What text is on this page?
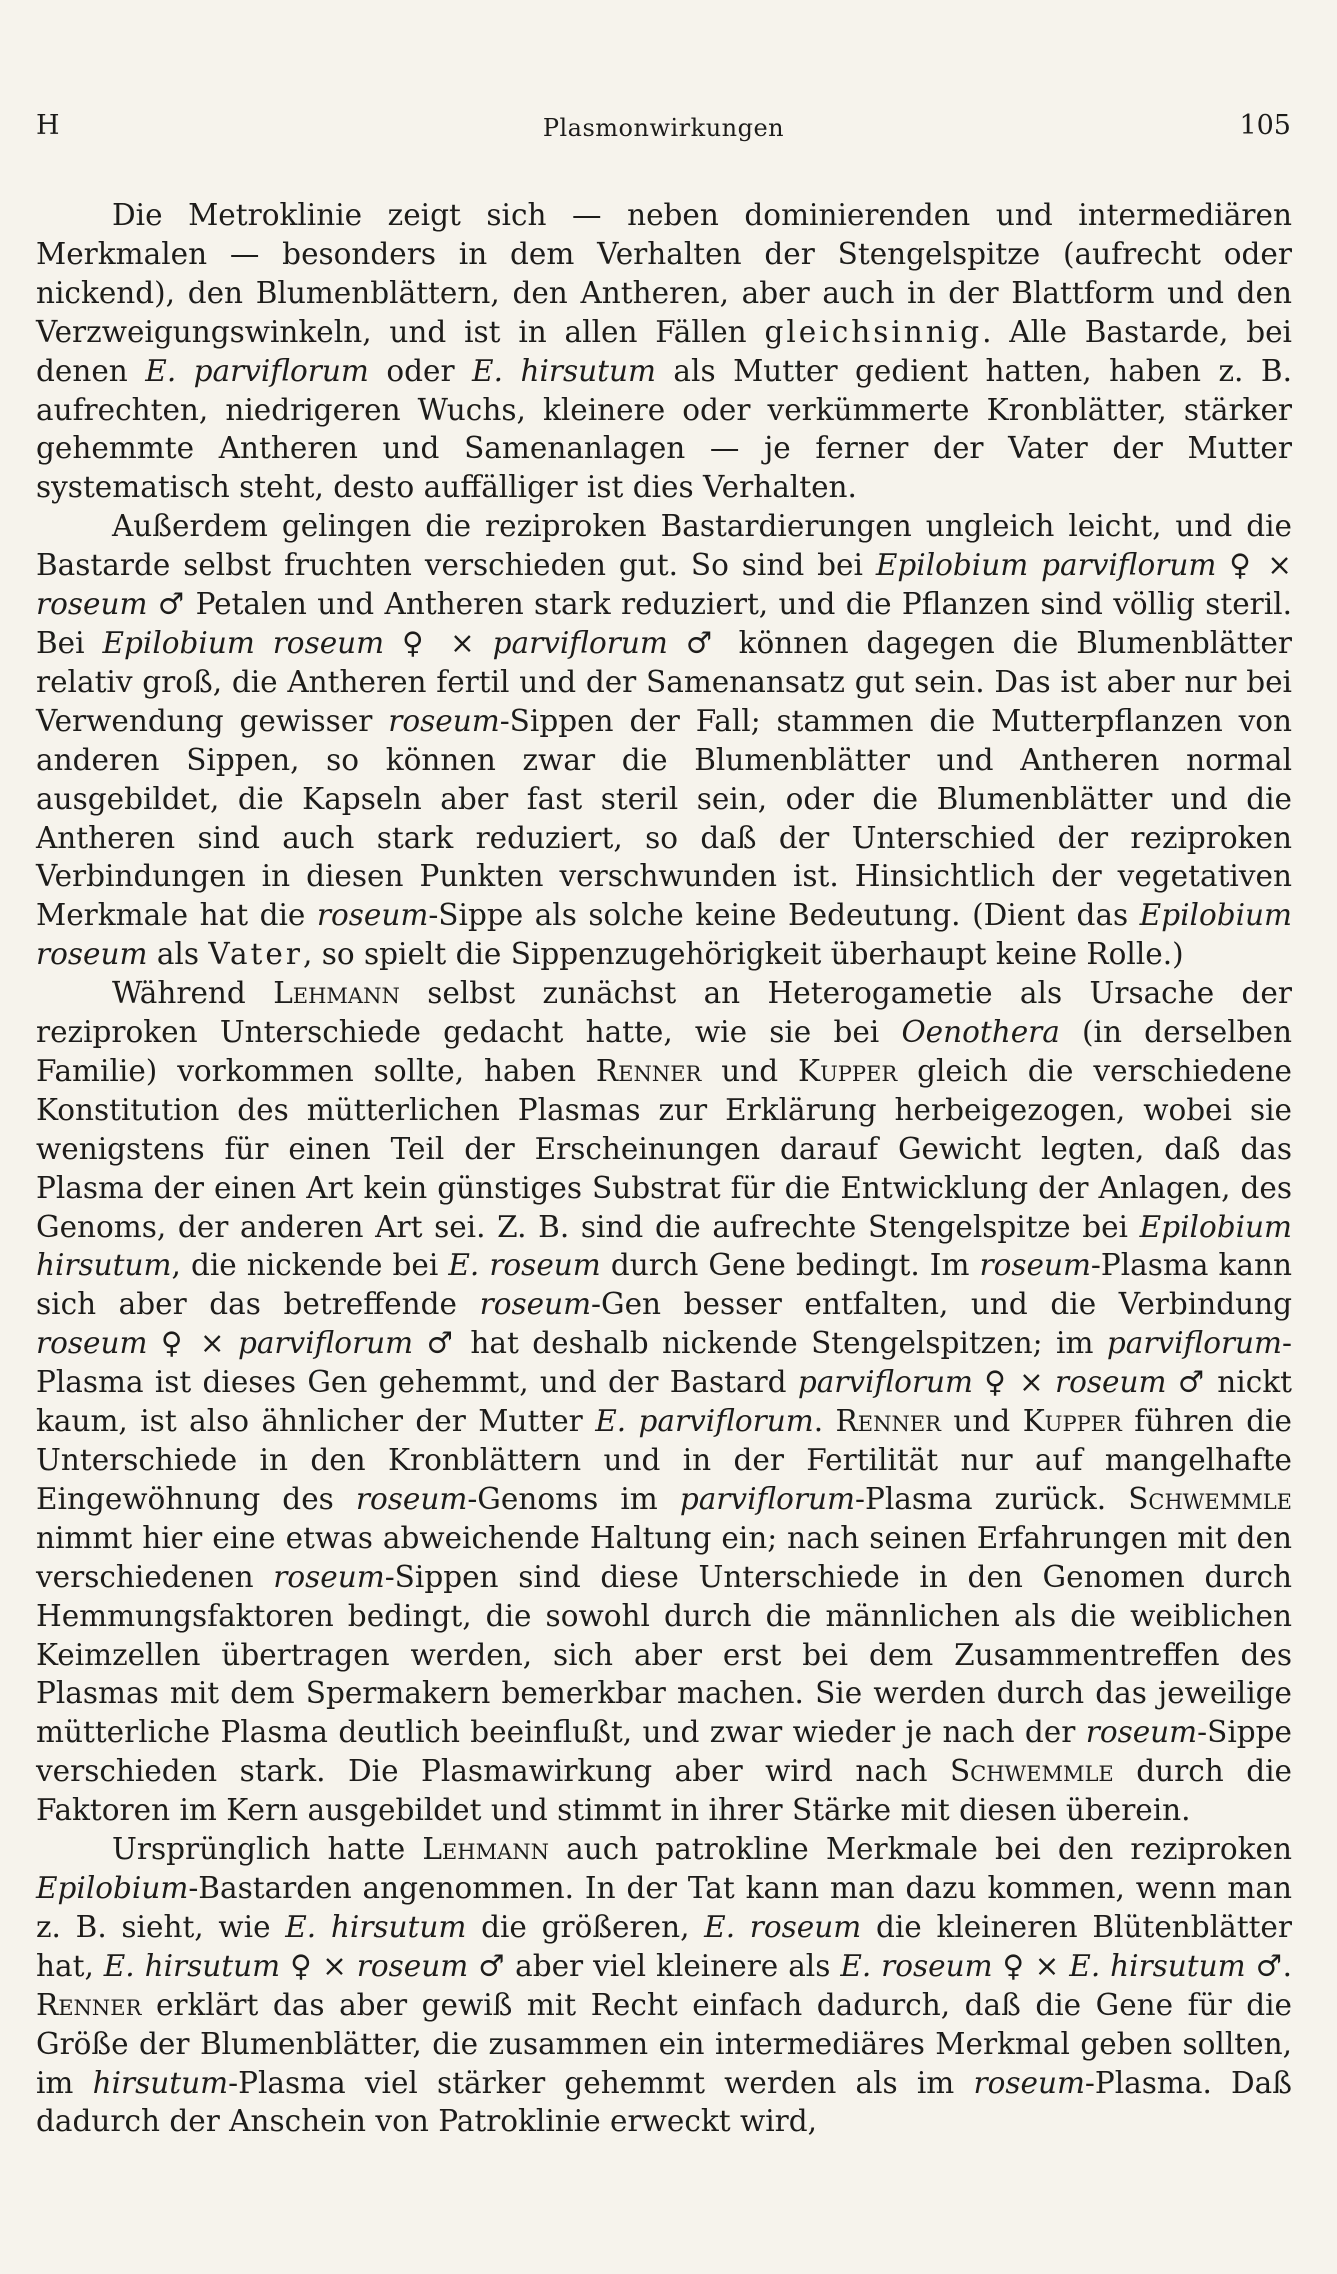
H	Plasmonwirkungen	105

Die Metroklinie zeigt sich — neben dominierenden und intermediären Merkmalen — besonders in dem Verhalten der Stengelspitze (aufrecht oder nickend), den Blumenblättern, den Antheren, aber auch in der Blattform und den Verzweigungswinkeln, und ist in allen Fällen gleichsinnig. Alle Bastarde, bei denen E. parviflorum oder E. hirsutum als Mutter gedient hatten, haben z. B. aufrechten, niedrigeren Wuchs, kleinere oder verkümmerte Kronblätter, stärker gehemmte Antheren und Samenanlagen — je ferner der Vater der Mutter systematisch steht, desto auffälliger ist dies Verhalten.

Außerdem gelingen die reziproken Bastardierungen ungleich leicht, und die Bastarde selbst fruchten verschieden gut. So sind bei Epilobium parviflorum ♀ × roseum ♂ Petalen und Antheren stark reduziert, und die Pflanzen sind völlig steril. Bei Epilobium roseum ♀ × parviflorum ♂ können dagegen die Blumenblätter relativ groß, die Antheren fertil und der Samenansatz gut sein. Das ist aber nur bei Verwendung gewisser roseum-Sippen der Fall; stammen die Mutterpflanzen von anderen Sippen, so können zwar die Blumenblätter und Antheren normal ausgebildet, die Kapseln aber fast steril sein, oder die Blumenblätter und die Antheren sind auch stark reduziert, so daß der Unterschied der reziproken Verbindungen in diesen Punkten verschwunden ist. Hinsichtlich der vegetativen Merkmale hat die roseum-Sippe als solche keine Bedeutung. (Dient das Epilobium roseum als Vater, so spielt die Sippenzugehörigkeit überhaupt keine Rolle.)

Während Lehmann selbst zunächst an Heterogametie als Ursache der reziproken Unterschiede gedacht hatte, wie sie bei Oenothera (in derselben Familie) vorkommen sollte, haben Renner und Kupper gleich die verschiedene Konstitution des mütterlichen Plasmas zur Erklärung herbeigezogen, wobei sie wenigstens für einen Teil der Erscheinungen darauf Gewicht legten, daß das Plasma der einen Art kein günstiges Substrat für die Entwicklung der Anlagen, des Genoms, der anderen Art sei. Z. B. sind die aufrechte Stengelspitze bei Epilobium hirsutum, die nickende bei E. roseum durch Gene bedingt. Im roseum-Plasma kann sich aber das betreffende roseum-Gen besser entfalten, und die Verbindung roseum ♀ × parviflorum ♂ hat deshalb nickende Stengelspitzen; im parviflorum-Plasma ist dieses Gen gehemmt, und der Bastard parviflorum ♀ × roseum ♂ nickt kaum, ist also ähnlicher der Mutter E. parviflorum. Renner und Kupper führen die Unterschiede in den Kronblättern und in der Fertilität nur auf mangelhafte Eingewöhnung des roseum-Genoms im parviflorum-Plasma zurück. Schwemmle nimmt hier eine etwas abweichende Haltung ein; nach seinen Erfahrungen mit den verschiedenen roseum-Sippen sind diese Unterschiede in den Genomen durch Hemmungsfaktoren bedingt, die sowohl durch die männlichen als die weiblichen Keimzellen übertragen werden, sich aber erst bei dem Zusammentreffen des Plasmas mit dem Spermakern bemerkbar machen. Sie werden durch das jeweilige mütterliche Plasma deutlich beeinflußt, und zwar wieder je nach der roseum-Sippe verschieden stark. Die Plasmawirkung aber wird nach Schwemmle durch die Faktoren im Kern ausgebildet und stimmt in ihrer Stärke mit diesen überein.

Ursprünglich hatte Lehmann auch patrokline Merkmale bei den reziproken Epilobium-Bastarden angenommen. In der Tat kann man dazu kommen, wenn man z. B. sieht, wie E. hirsutum die größeren, E. roseum die kleineren Blütenblätter hat, E. hirsutum ♀ × roseum ♂ aber viel kleinere als E. roseum ♀ × E. hirsutum ♂. Renner erklärt das aber gewiß mit Recht einfach dadurch, daß die Gene für die Größe der Blumenblätter, die zusammen ein intermediäres Merkmal geben sollten, im hirsutum-Plasma viel stärker gehemmt werden als im roseum-Plasma. Daß dadurch der Anschein von Patroklinie erweckt wird,
